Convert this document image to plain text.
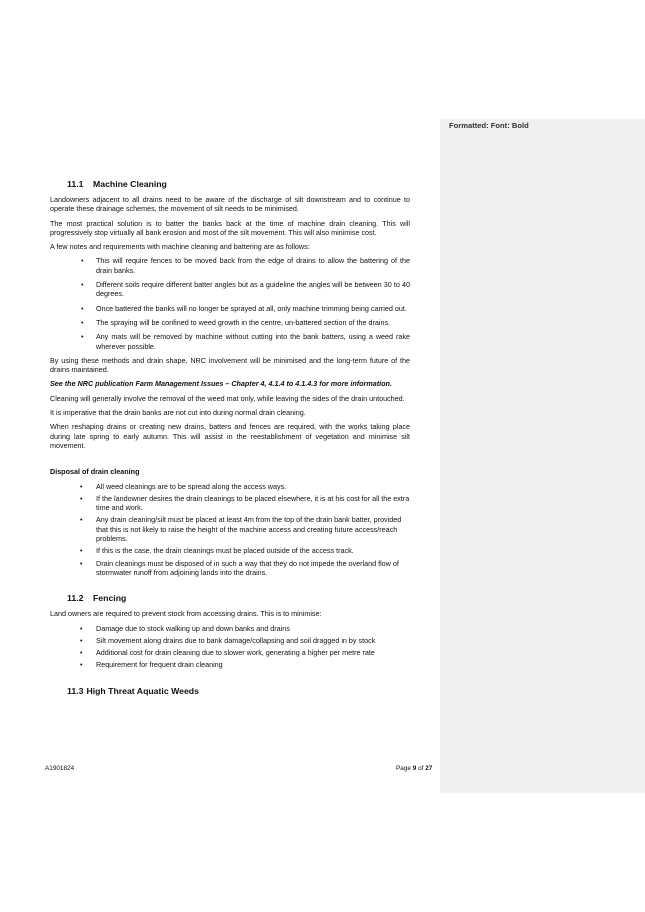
Formatted: Font: Bold
11.1 Machine Cleaning

Landowners adjacent to all drains need to be aware of the discharge of silt downstream and to continue to operate these drainage schemes, the movement of silt needs to be minimised.

The most practical solution is to batter the banks back at the time of machine drain cleaning. This will progressively stop virtually all bank erosion and most of the silt movement. This will also minimise cost.

A few notes and requirements with machine cleaning and battering are as follows:

• This will require fences to be moved back from the edge of drains to allow the battering of the drain banks.
• Different soils require different batter angles but as a guideline the angles will be between 30 to 40 degrees.
• Once battered the banks will no longer be sprayed at all, only machine trimming being carried out.
• The spraying will be confined to weed growth in the centre, un-battered section of the drains.
• Any mats will be removed by machine without cutting into the bank batters, using a weed rake wherever possible.

By using these methods and drain shape, NRC involvement will be minimised and the long-term future of the drains maintained.

See the NRC publication Farm Management Issues – Chapter 4, 4.1.4 to 4.1.4.3 for more information.

Cleaning will generally involve the removal of the weed mat only, while leaving the sides of the drain untouched.

It is imperative that the drain banks are not cut into during normal drain cleaning.

When reshaping drains or creating new drains, batters and fences are required, with the works taking place during late spring to early autumn. This will assist in the reestablishment of vegetation and minimise silt movement.

Disposal of drain cleaning

• All weed cleanings are to be spread along the access ways.
• If the landowner desires the drain cleanings to be placed elsewhere, it is at his cost for all the extra time and work.
• Any drain cleaning/silt must be placed at least 4m from the top of the drain bank batter, provided that this is not likely to raise the height of the machine access and creating future access/reach problems.
• If this is the case, the drain cleanings must be placed outside of the access track.
• Drain cleanings must be disposed of in such a way that they do not impede the overland flow of stormwater runoff from adjoining lands into the drains.
11.2 Fencing

Land owners are required to prevent stock from accessing drains. This is to minimise:

• Damage due to stock walking up and down banks and drains
• Silt movement along drains due to bank damage/collapsing and soil dragged in by stock
• Additional cost for drain cleaning due to slower work, generating a higher per metre rate
• Requirement for frequent drain cleaning
11.3 High Threat Aquatic Weeds
A1901824	Page 9 of 27
